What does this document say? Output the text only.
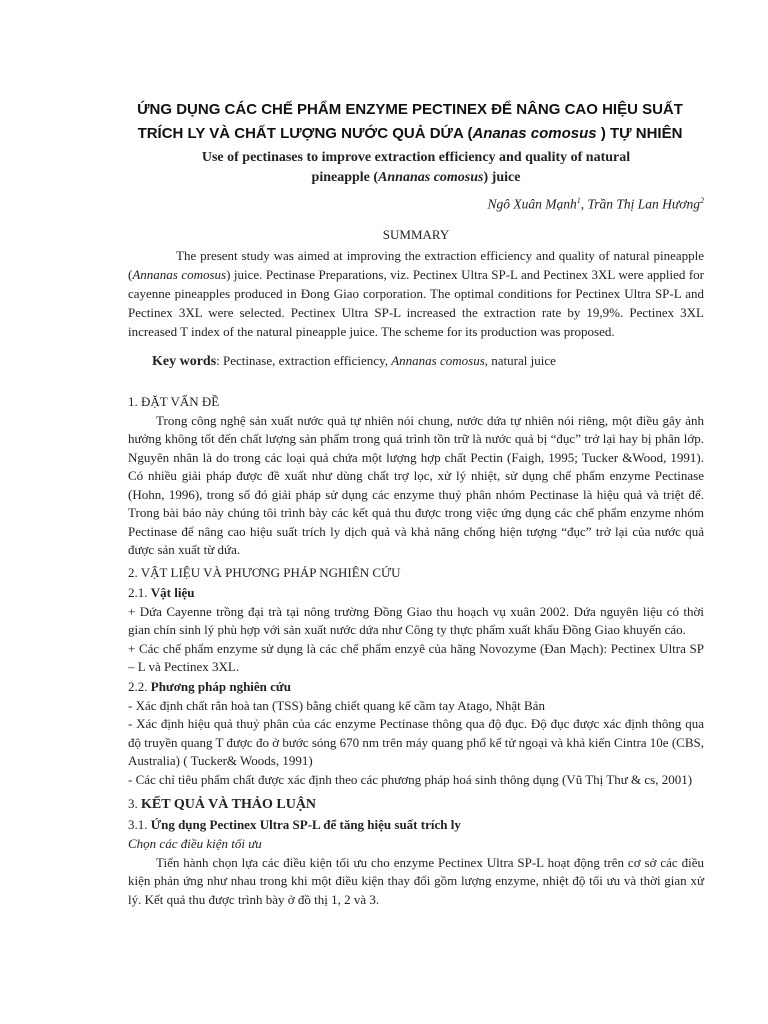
ỨNG DỤNG CÁC CHẾ PHẨM ENZYME PECTINEX ĐỂ NÂNG CAO HIỆU SUẤT
TRÍCH LY VÀ CHẤT LƯỢNG NƯỚC QUẢ DỨA (Ananas comosus ) TỰ NHIÊN

Use of pectinases to improve extraction efficiency and quality of natural
pineapple (Annanas comosus) juice

Ngô Xuân Mạnh$^1$, Trần Thị Lan Hương$^2$

SUMMARY

The present study was aimed at improving the extraction efficiency and quality of natural pineapple (Annanas comosus) juice. Pectinase Preparations, viz. Pectinex Ultra SP-L and Pectinex 3XL were applied for cayenne pineapples produced in Đong Giao corporation. The optimal conditions for Pectinex Ultra SP-L and Pectinex 3XL were selected. Pectinex Ultra SP-L increased the extraction rate by 19,9%. Pectinex 3XL increased T index of the natural pineapple juice. The scheme for its production was proposed.

Key words: Pectinase, extraction efficiency, Annanas comosus, natural juice

1. ĐẶT VẤN ĐỀ

Trong công nghệ sản xuất nước quả tự nhiên nói chung, nước dứa tự nhiên nói riêng, một điều gây ảnh hưởng không tốt đến chất lượng sản phẩm trong quá trình tồn trữ là nước quả bị “đục” trở lại hay bị phân lớp. Nguyên nhân là do trong các loại quả chứa một lượng hợp chất Pectin (Faigh, 1995; Tucker &Wood, 1991). Có nhiều giải pháp được đề xuất như dùng chất trợ lọc, xử lý nhiệt, sử dụng chế phẩm enzyme Pectinase (Hohn, 1996), trong số đó giải pháp sử dụng các enzyme thuỷ phân nhóm Pectinase là hiệu quả và triệt để. Trong bài báo này chúng tôi trình bày các kết quả thu được trong việc ứng dụng các chế phẩm enzyme nhóm Pectinase để nâng cao hiệu suất trích ly dịch quả và khả năng chống hiện tượng “đục” trở lại của nước quả được sản xuất từ dứa.

2. VẬT LIỆU VÀ PHƯƠNG PHÁP NGHIÊN CỨU

2.1. Vật liệu

+ Dứa Cayenne trồng đại trà tại nông trường Đồng Giao thu hoạch vụ xuân 2002. Dứa nguyên liệu có thời gian chín sinh lý phù hợp với sản xuất nước dứa như Công ty thực phẩm xuất khẩu Đồng Giao khuyến cáo.

+ Các chế phẩm enzyme sử dụng là các chế phẩm enzyê của hãng Novozyme (Đan Mạch): Pectinex Ultra SP – L và Pectinex 3XL.

2.2. Phương pháp nghiên cứu

- Xác định chất rắn hoà tan (TSS) bằng chiết quang kế cầm tay Atago, Nhật Bản

- Xác định hiệu quả thuỷ phân của các enzyme Pectinase thông qua độ đục. Độ đục được xác định thông qua độ truyền quang T được đo ở bước sóng 670 nm trên máy quang phổ kế tử ngoại và khả kiến Cintra 10e (CBS, Australia) ( Tucker& Woods, 1991)

- Các chỉ tiêu phẩm chất được xác định theo các phương pháp hoá sinh thông dụng (Vũ Thị Thư & cs, 2001)

3. KẾT QUẢ VÀ THẢO LUẬN

3.1. Ứng dụng Pectinex Ultra SP-L để tăng hiệu suất trích ly

Chọn các điều kiện tối ưu

Tiến hành chọn lựa các điều kiện tối ưu cho enzyme Pectinex Ultra SP-L hoạt động trên cơ sở các điều kiện phản ứng như nhau trong khi một điều kiện thay đổi gồm lượng enzyme, nhiệt độ tối ưu và thời gian xử lý. Kết quả thu được trình bày ở đồ thị 1, 2 và 3.
